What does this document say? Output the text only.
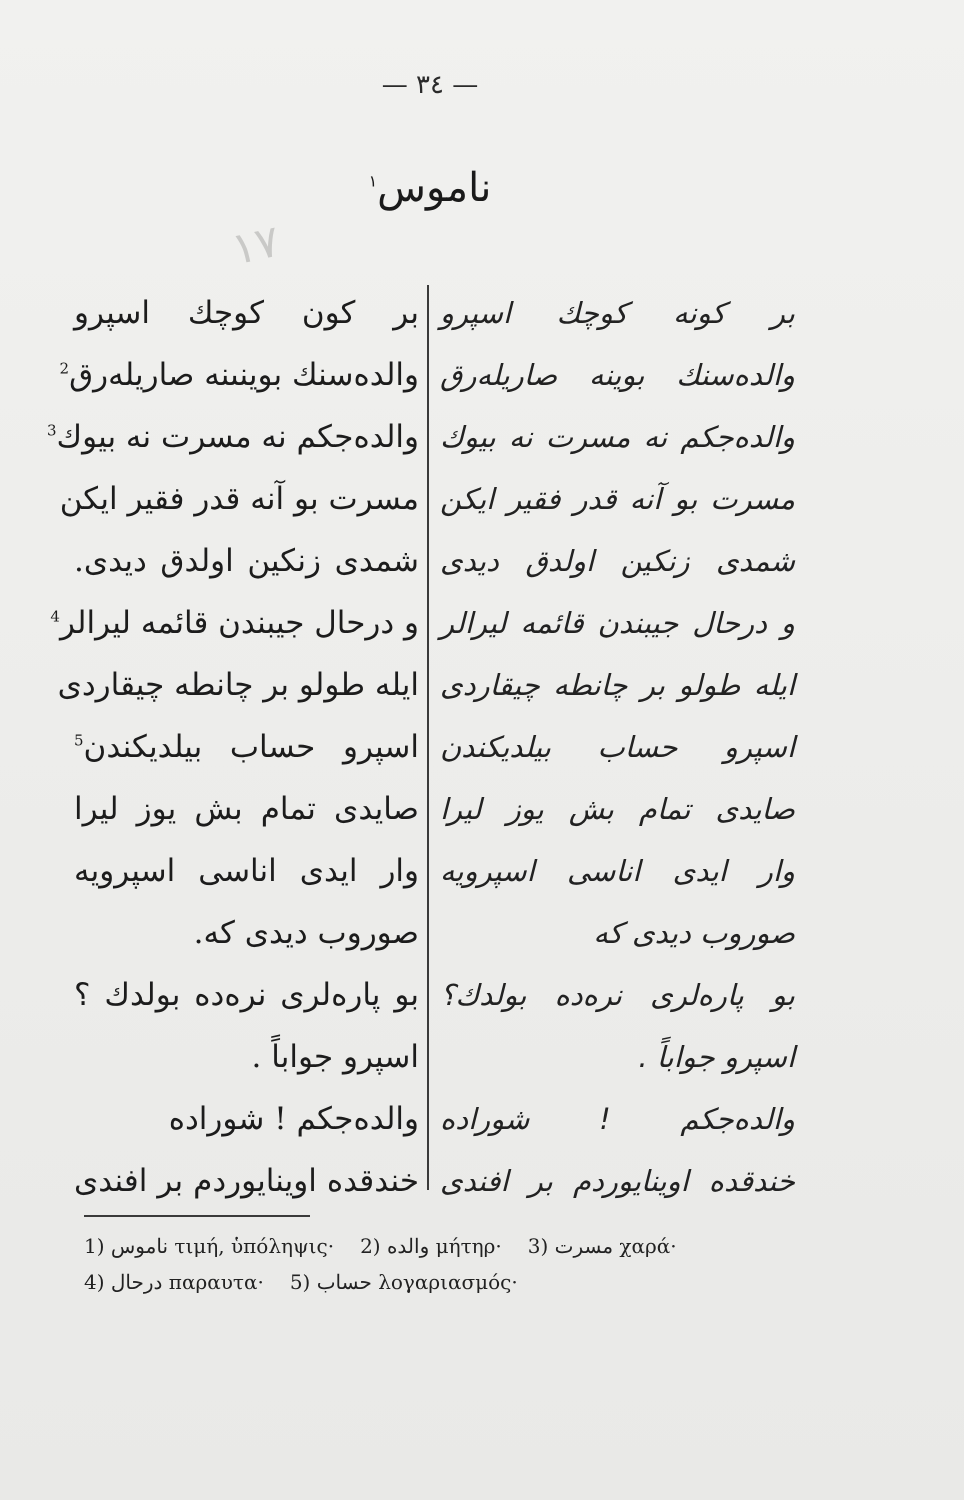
— ٣٤ —
ناموس$^١$
۱۷
بر کون کوچك اسپرو
والدەسنك بوینىنە صاریلەرق$^2$
والدەجکم نە مسرت نە بیوك$^3$
مسرت بو آنە قدر فقیر ایکن
شمدی زنکین اولدق دیدی.
و درحال جیبندن قائمە لیرالر$^4$
ایلە طولو بر چانطە چیقاردی
اسپرو حساب بیلدیکندن$^5$
صایدی تمام بش یوز لیرا
وار ایدی اناسی اسپرویە
صوروب دیدی کە.
بو پارەلری نرەدە بولدك ؟
اسپرو جواباً .
والدەجکم ! شورادە
خندقدە اوینایوردم بر افندی
بر کونه کوچك اسپرو
والدەسنك بوینه صاریلەرق
والدەجکم نه مسرت نه بیوك
مسرت بو آنه قدر فقیر ایکن
شمدی زنکین اولدق دیدی
و درحال جیبندن قائمه لیرالر
ایلە طولو بر چانطه چیقاردی
اسپرو حساب بیلدیکندن
صایدی تمام بش یوز لیرا
وار ایدی اناسی اسپرویه
صوروب دیدی که
بو پارەلری نرەدە بولدك؟
اسپرو جواباً .
والدەجکم ! شورادە
خندقده اوینایوردم بر افندی
1) ناموس τιμή, ὑπόληψις· 2) والده μήτηρ· 3) مسرت χαρά·
4) درحال παραυτα· 5) حساب λογαριασμός·
